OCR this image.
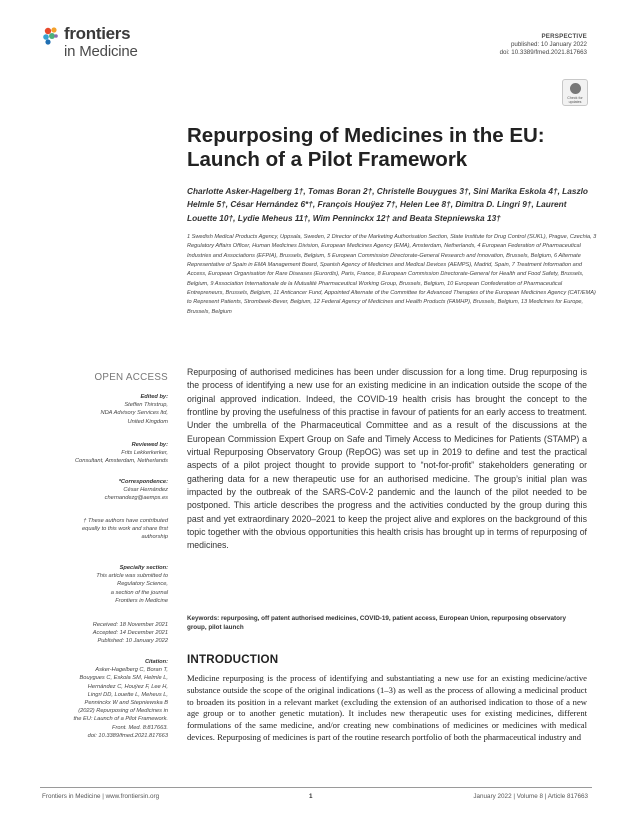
frontiers
in Medicine
PERSPECTIVE
published: 10 January 2022
doi: 10.3389/fmed.2021.817663
Check for
updates
Repurposing of Medicines in the EU: Launch of a Pilot Framework
Charlotte Asker-Hagelberg 1†, Tomas Boran 2†, Christelle Bouygues 3†, Sini Marika Eskola 4†, Laszlo Helmle 5†, César Hernández 6*†, François Houÿez 7†, Helen Lee 8†, Dimitra D. Lingri 9†, Laurent Louette 10†, Lydie Meheus 11†, Wim Penninckx 12† and Beata Stepniewska 13†
1 Swedish Medical Products Agency, Uppsala, Sweden, 2 Director of the Marketing Authorisation Section, State Institute for Drug Control (SUKL), Prague, Czechia, 3 Regulatory Affairs Officer, Human Medicines Division, European Medicines Agency (EMA), Amsterdam, Netherlands, 4 European Federation of Pharmaceutical Industries and Associations (EFPIA), Brussels, Belgium, 5 European Commission Directorate-General Research and Innovation, Brussels, Belgium, 6 Alternate Representative of Spain in EMA Management Board, Spanish Agency of Medicines and Medical Devices (AEMPS), Madrid, Spain, 7 Treatment Information and Access, European Organisation for Rare Diseases (Eurordis), Paris, France, 8 European Commission Directorate-General for Health and Food Safety, Brussels, Belgium, 9 Association Internationale de la Mutualité Pharmaceutical Working Group, Brussels, Belgium, 10 European Confederation of Pharmaceutical Entrepreneurs, Brussels, Belgium, 11 Anticancer Fund, Appointed Alternate of the Committee for Advanced Therapies of the European Medicines Agency (CAT/EMA) to Represent Patients, Strombeek-Bever, Belgium, 12 Federal Agency of Medicines and Health Products (FAMHP), Brussels, Belgium, 13 Medicines for Europe, Brussels, Belgium
OPEN ACCESS
Edited by:
Steffen Thirstrup,
NDA Advisory Services ltd,
United Kingdom
Reviewed by:
Frits Lekkerkerker,
Consultant, Amsterdam, Netherlands
*Correspondence:
César Hernández
chernandezg@aemps.es
† These authors have contributed
equally to this work and share first
authorship
Specialty section:
This article was submitted to
Regulatory Science,
a section of the journal
Frontiers in Medicine
Received: 18 November 2021
Accepted: 14 December 2021
Published: 10 January 2022
Citation:
Asker-Hagelberg C, Boran T,
Bouygues C, Eskola SM, Helmle L,
Hernández C, Houÿez F, Lee H,
Lingri DD, Louette L, Meheus L,
Penninckx W and Stepniewska B
(2022) Repurposing of Medicines in
the EU: Launch of a Pilot Framework.
Front. Med. 8:817663.
doi: 10.3389/fmed.2021.817663
Repurposing of authorised medicines has been under discussion for a long time. Drug repurposing is the process of identifying a new use for an existing medicine in an indication outside the scope of the original approved indication. Indeed, the COVID-19 health crisis has brought the concept to the frontline by proving the usefulness of this practise in favour of patients for an early access to treatment. Under the umbrella of the Pharmaceutical Committee and as a result of the discussions at the European Commission Expert Group on Safe and Timely Access to Medicines for Patients (STAMP) a virtual Repurposing Observatory Group (RepOG) was set up in 2019 to define and test the practical aspects of a pilot project thought to provide support to “not-for-profit” stakeholders generating or gathering data for a new therapeutic use for an authorised medicine. The group’s initial plan was impacted by the outbreak of the SARS-CoV-2 pandemic and the launch of the pilot needed to be postponed. This article describes the progress and the activities conducted by the group during this past and yet extraordinary 2020–2021 to keep the project alive and explores on the background of this topic together with the obvious opportunities this health crisis has brought up in terms of repurposing of medicines.
Keywords: repurposing, off patent authorised medicines, COVID-19, patient access, European Union, repurposing observatory group, pilot launch
INTRODUCTION
Medicine repurposing is the process of identifying and substantiating a new use for an existing medicine/active substance outside the scope of the original indications (1–3) as well as the process of allowing a medicinal product to broaden its position in a relevant market (excluding the extension of an authorised indication to those of a new age group or to another genetic mutation). It includes new therapeutic uses for existing medicines, different formulations of the same medicine, and/or creating new combinations of medicines or medicines with medical devices. Repurposing of medicines is part of the routine research portfolio of both the pharmaceutical industry and
Frontiers in Medicine | www.frontiersin.org	1	January 2022 | Volume 8 | Article 817663
